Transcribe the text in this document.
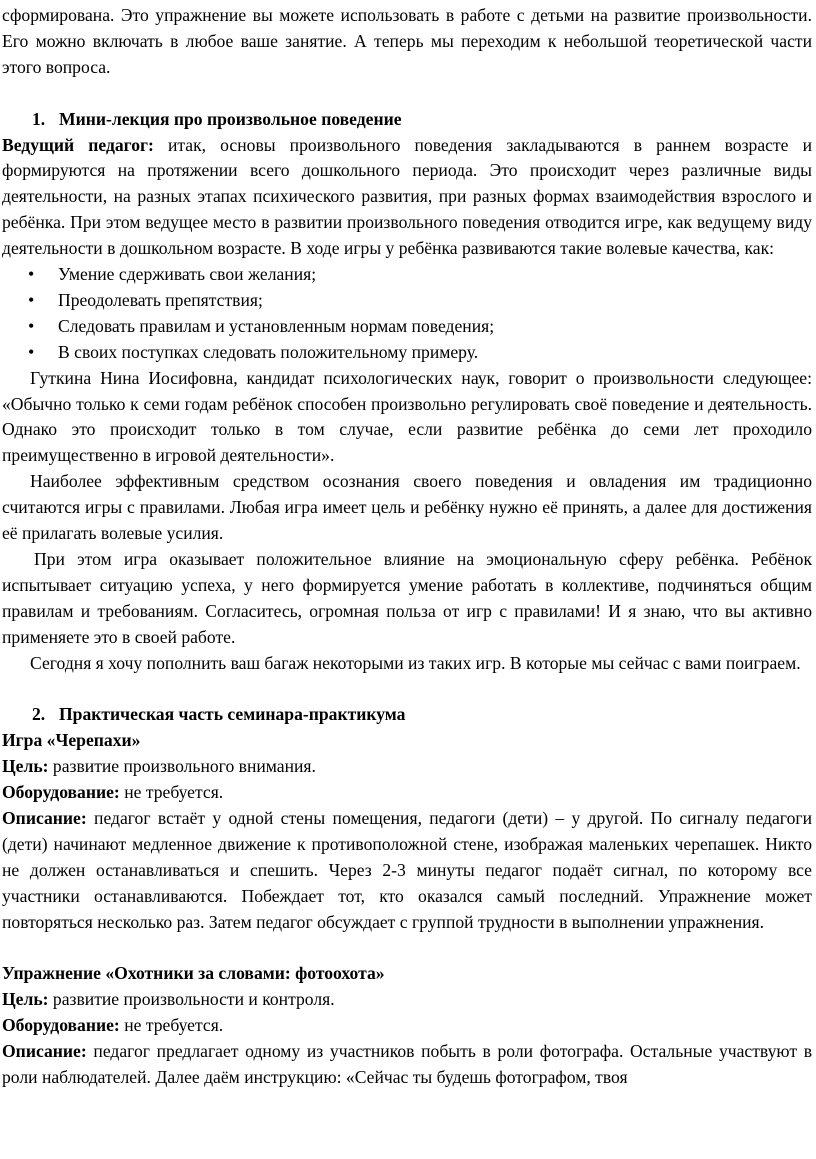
сформирована. Это упражнение вы можете использовать в работе с детьми на развитие произвольности. Его можно включать в любое ваше занятие. А теперь мы переходим к небольшой теоретической части этого вопроса.

1. Мини-лекция про произвольное поведение

Ведущий педагог: итак, основы произвольного поведения закладываются в раннем возрасте и формируются на протяжении всего дошкольного периода. Это происходит через различные виды деятельности, на разных этапах психического развития, при разных формах взаимодействия взрослого и ребёнка. При этом ведущее место в развитии произвольного поведения отводится игре, как ведущему виду деятельности в дошкольном возрасте. В ходе игры у ребёнка развиваются такие волевые качества, как:

• Умение сдерживать свои желания;
• Преодолевать препятствия;
• Следовать правилам и установленным нормам поведения;
• В своих поступках следовать положительному примеру.

Гуткина Нина Иосифовна, кандидат психологических наук, говорит о произвольности следующее: «Обычно только к семи годам ребёнок способен произвольно регулировать своё поведение и деятельность. Однако это происходит только в том случае, если развитие ребёнка до семи лет проходило преимущественно в игровой деятельности».

Наиболее эффективным средством осознания своего поведения и овладения им традиционно считаются игры с правилами. Любая игра имеет цель и ребёнку нужно её принять, а далее для достижения её прилагать волевые усилия.

При этом игра оказывает положительное влияние на эмоциональную сферу ребёнка. Ребёнок испытывает ситуацию успеха, у него формируется умение работать в коллективе, подчиняться общим правилам и требованиям. Согласитесь, огромная польза от игр с правилами! И я знаю, что вы активно применяете это в своей работе.

Сегодня я хочу пополнить ваш багаж некоторыми из таких игр. В которые мы сейчас с вами поиграем.

2. Практическая часть семинара-практикума

Игра «Черепахи»

Цель: развитие произвольного внимания.

Оборудование: не требуется.

Описание: педагог встаёт у одной стены помещения, педагоги (дети) – у другой. По сигналу педагоги (дети) начинают медленное движение к противоположной стене, изображая маленьких черепашек. Никто не должен останавливаться и спешить. Через 2-3 минуты педагог подаёт сигнал, по которому все участники останавливаются. Побеждает тот, кто оказался самый последний. Упражнение может повторяться несколько раз. Затем педагог обсуждает с группой трудности в выполнении упражнения.

Упражнение «Охотники за словами: фотоохота»

Цель: развитие произвольности и контроля.

Оборудование: не требуется.

Описание: педагог предлагает одному из участников побыть в роли фотографа. Остальные участвуют в роли наблюдателей. Далее даём инструкцию: «Сейчас ты будешь фотографом, твоя
